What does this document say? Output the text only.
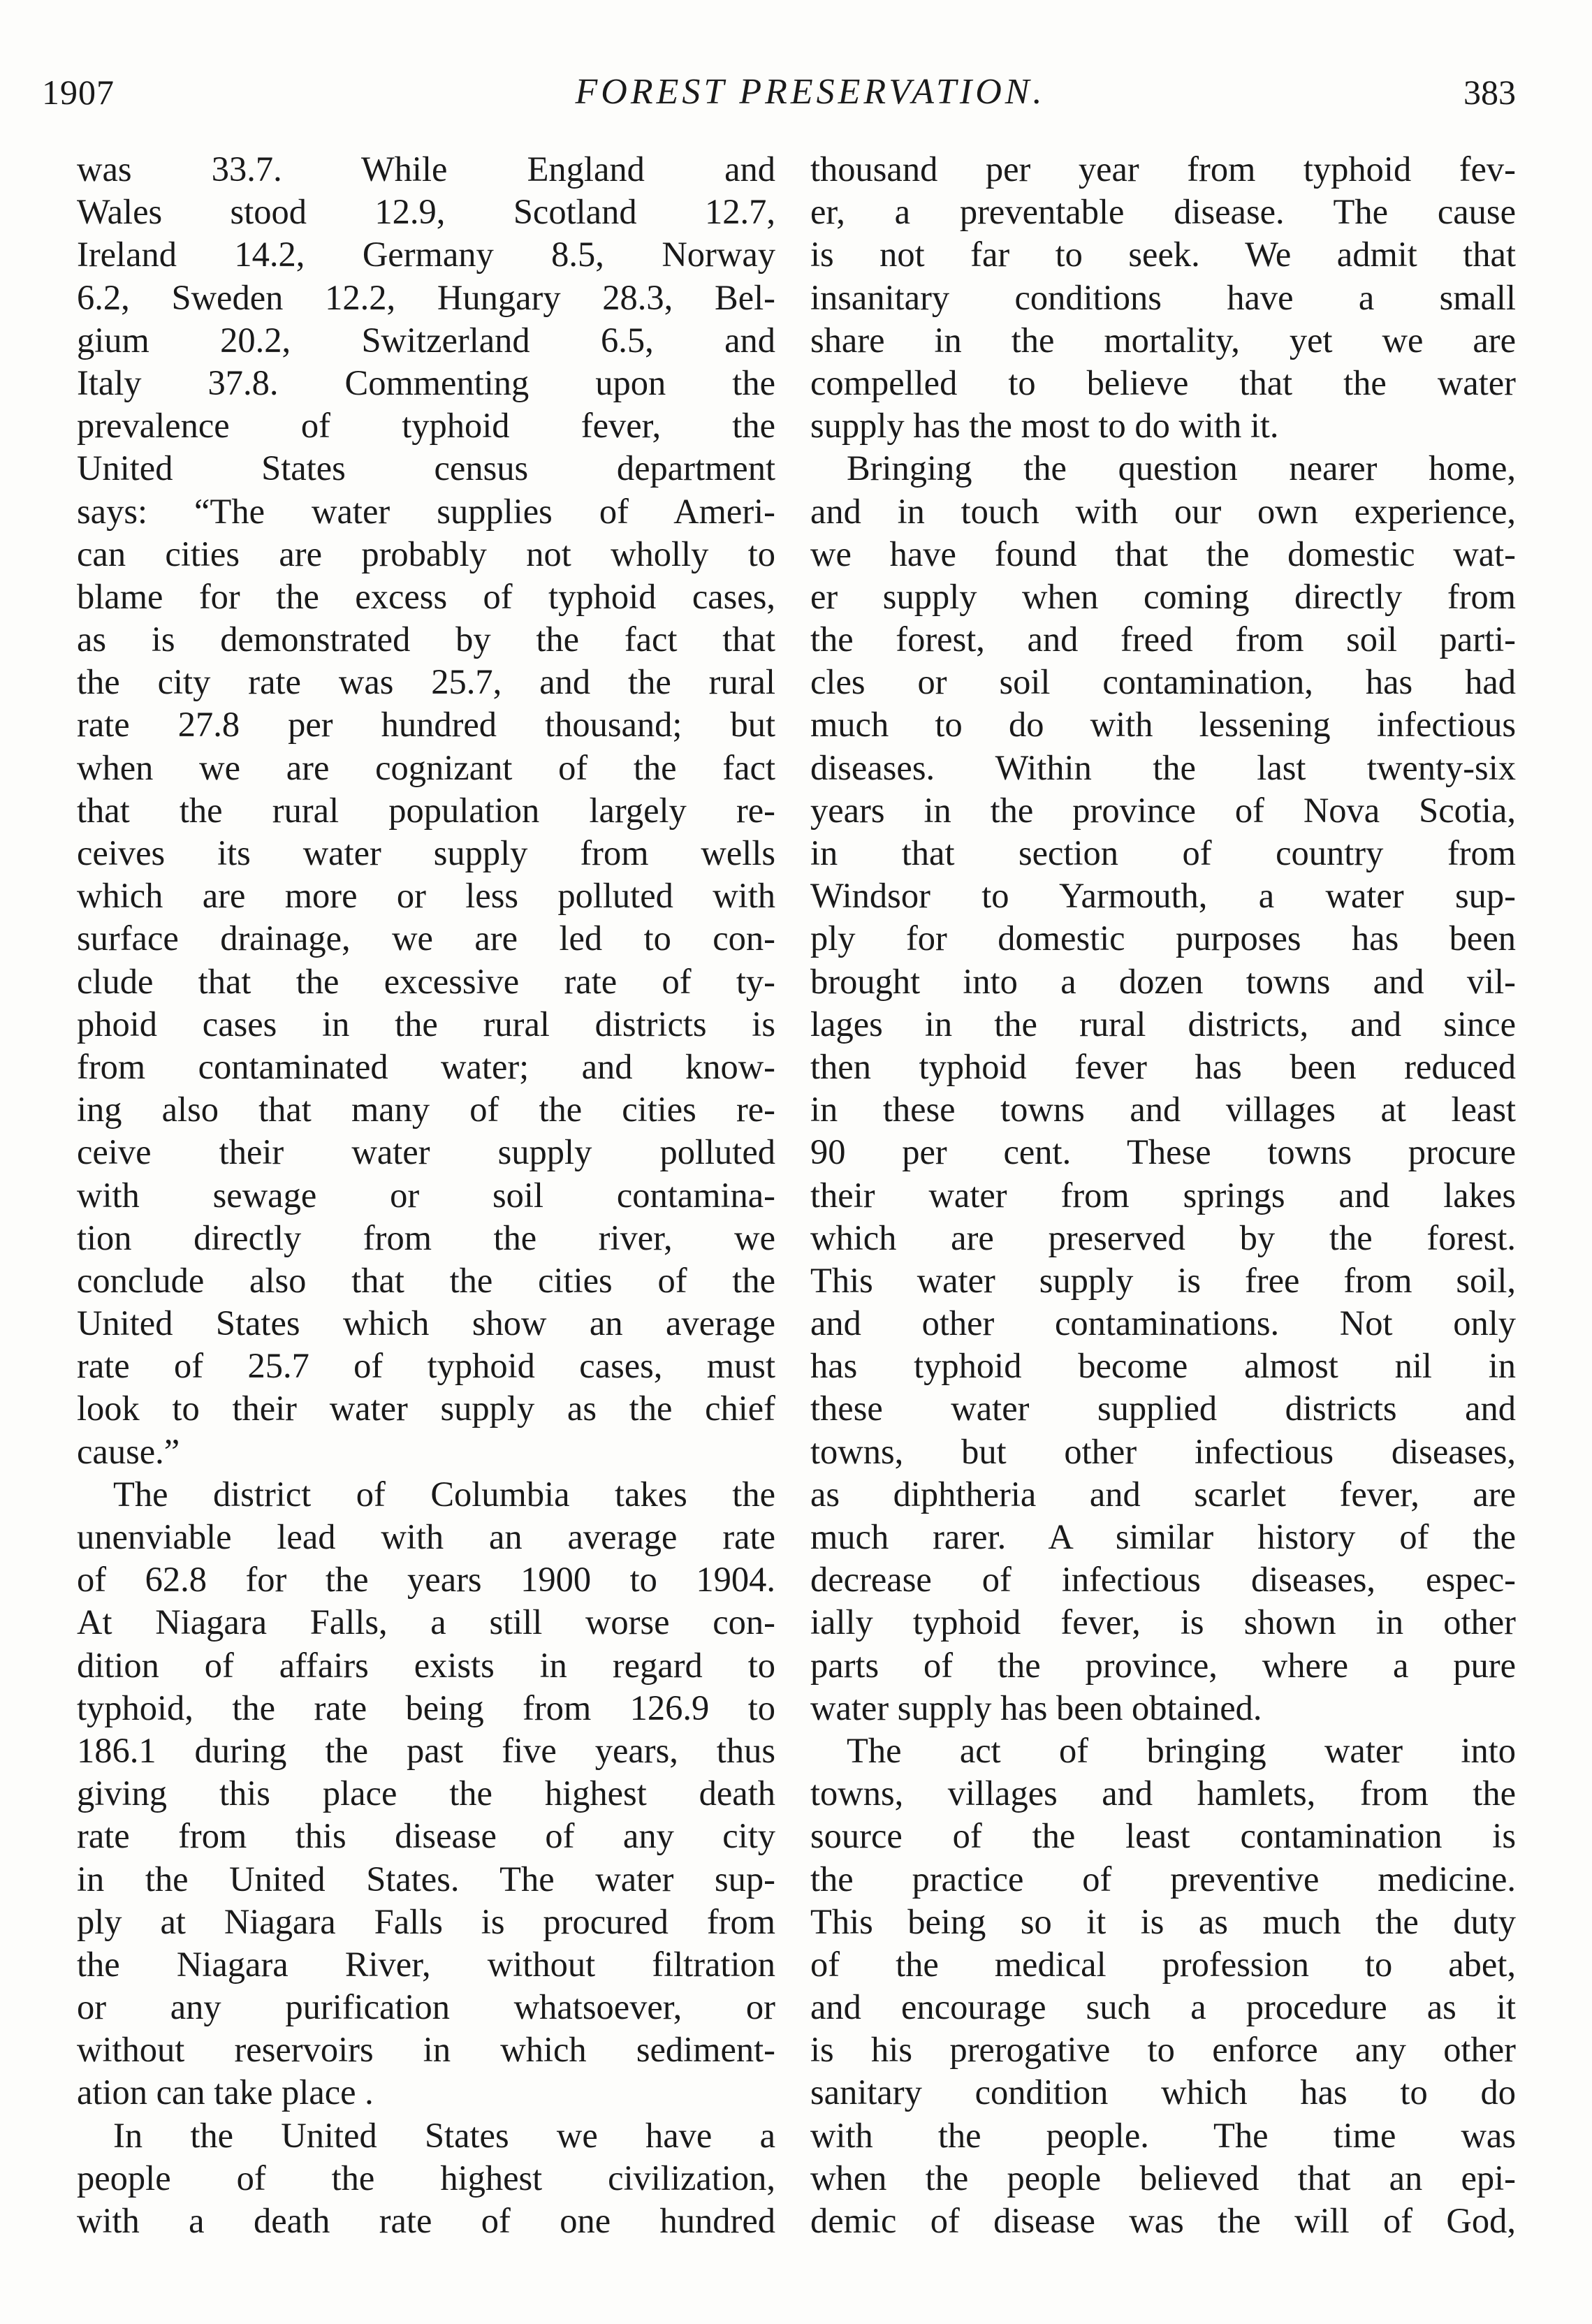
1907	FOREST PRESERVATION.	383
was 33.7. While England and
Wales stood 12.9, Scotland 12.7,
Ireland 14.2, Germany 8.5, Norway
6.2, Sweden 12.2, Hungary 28.3, Bel-
gium 20.2, Switzerland 6.5, and
Italy 37.8. Commenting upon the
prevalence of typhoid fever, the
United States census department
says: “The water supplies of Ameri-
can cities are probably not wholly to
blame for the excess of typhoid cases,
as is demonstrated by the fact that
the city rate was 25.7, and the rural
rate 27.8 per hundred thousand; but
when we are cognizant of the fact
that the rural population largely re-
ceives its water supply from wells
which are more or less polluted with
surface drainage, we are led to con-
clude that the excessive rate of ty-
phoid cases in the rural districts is
from contaminated water; and know-
ing also that many of the cities re-
ceive their water supply polluted
with sewage or soil contamina-
tion directly from the river, we
conclude also that the cities of the
United States which show an average
rate of 25.7 of typhoid cases, must
look to their water supply as the chief
cause.”
The district of Columbia takes the
unenviable lead with an average rate
of 62.8 for the years 1900 to 1904.
At Niagara Falls, a still worse con-
dition of affairs exists in regard to
typhoid, the rate being from 126.9 to
186.1 during the past five years, thus
giving this place the highest death
rate from this disease of any city
in the United States. The water sup-
ply at Niagara Falls is procured from
the Niagara River, without filtration
or any purification whatsoever, or
without reservoirs in which sediment-
ation can take place .
In the United States we have a
people of the highest civilization,
with a death rate of one hundred
thousand per year from typhoid fev-
er, a preventable disease. The cause
is not far to seek. We admit that
insanitary conditions have a small
share in the mortality, yet we are
compelled to believe that the water
supply has the most to do with it.
Bringing the question nearer home,
and in touch with our own experience,
we have found that the domestic wat-
er supply when coming directly from
the forest, and freed from soil parti-
cles or soil contamination, has had
much to do with lessening infectious
diseases. Within the last twenty-six
years in the province of Nova Scotia,
in that section of country from
Windsor to Yarmouth, a water sup-
ply for domestic purposes has been
brought into a dozen towns and vil-
lages in the rural districts, and since
then typhoid fever has been reduced
in these towns and villages at least
90 per cent. These towns procure
their water from springs and lakes
which are preserved by the forest.
This water supply is free from soil,
and other contaminations. Not only
has typhoid become almost nil in
these water supplied districts and
towns, but other infectious diseases,
as diphtheria and scarlet fever, are
much rarer. A similar history of the
decrease of infectious diseases, espec-
ially typhoid fever, is shown in other
parts of the province, where a pure
water supply has been obtained.
The act of bringing water into
towns, villages and hamlets, from the
source of the least contamination is
the practice of preventive medicine.
This being so it is as much the duty
of the medical profession to abet,
and encourage such a procedure as it
is his prerogative to enforce any other
sanitary condition which has to do
with the people. The time was
when the people believed that an epi-
demic of disease was the will of God,
